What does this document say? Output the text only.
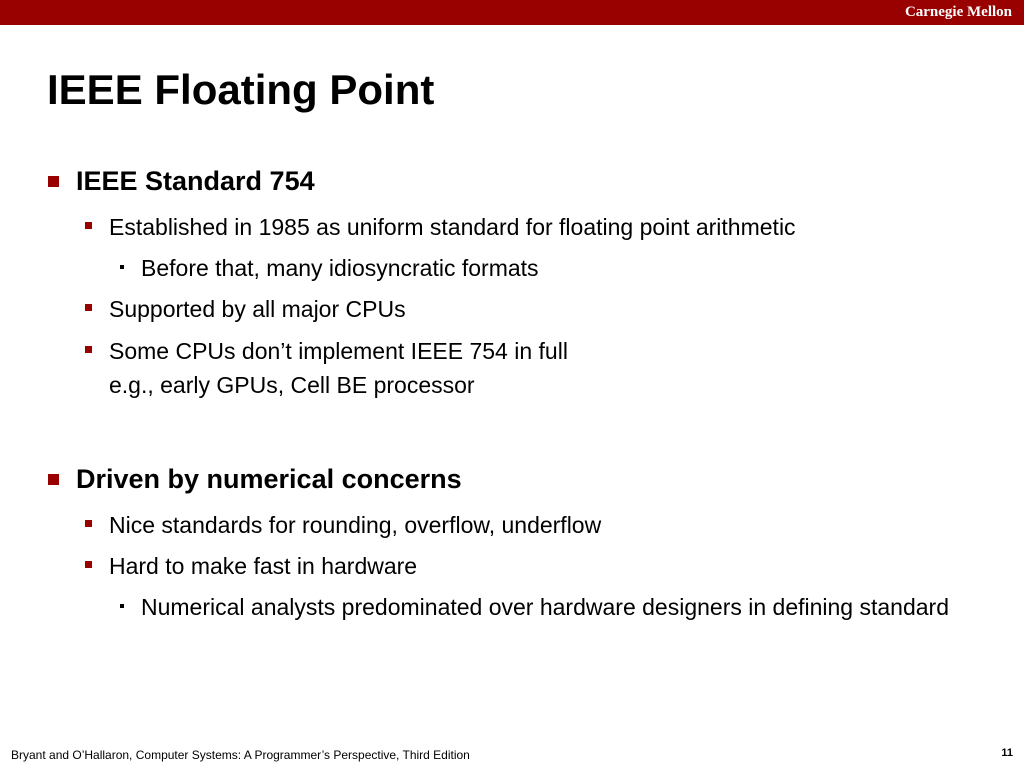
Carnegie Mellon
IEEE Floating Point
IEEE Standard 754
Established in 1985 as uniform standard for floating point arithmetic
Before that, many idiosyncratic formats
Supported by all major CPUs
Some CPUs don’t implement IEEE 754 in full
e.g., early GPUs, Cell BE processor
Driven by numerical concerns
Nice standards for rounding, overflow, underflow
Hard to make fast in hardware
Numerical analysts predominated over hardware designers in defining standard
Bryant and O’Hallaron, Computer Systems: A Programmer’s Perspective, Third Edition	11
